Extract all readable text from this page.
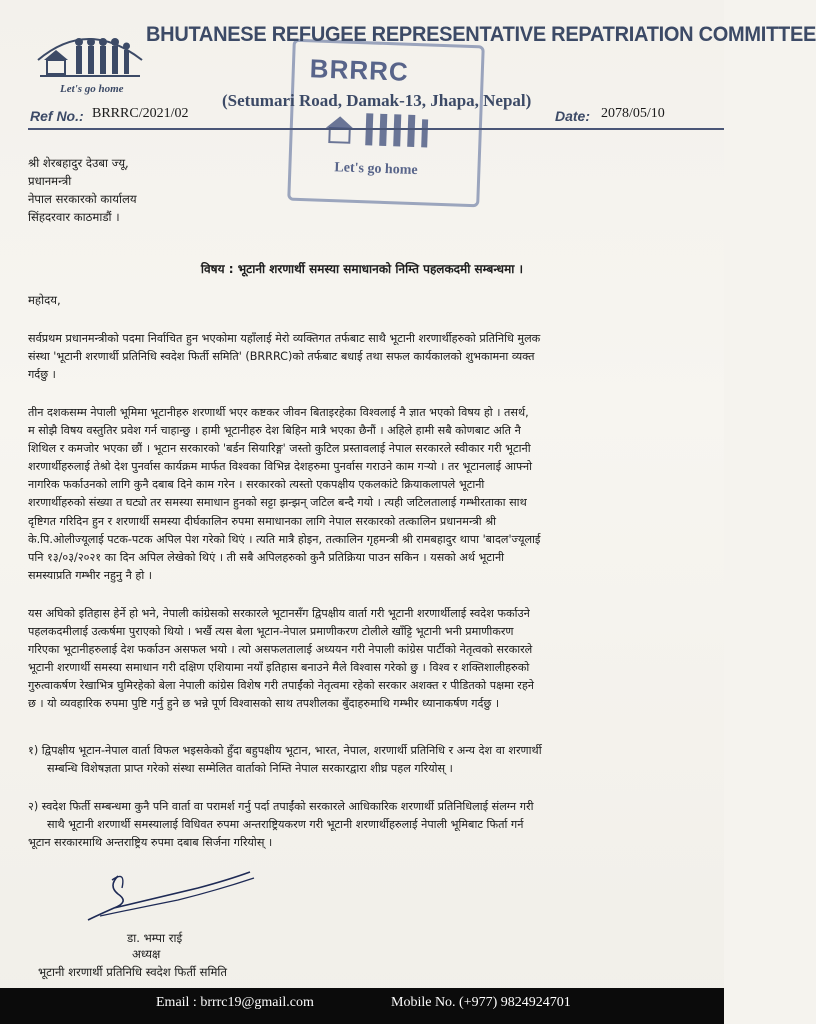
Let's go home
BRRRC
Let's go home
BHUTANESE REFUGEE REPRESENTATIVE REPATRIATION COMMITTEE
(Setumari Road, Damak-13, Jhapa, Nepal)
Ref No.: BRRRC/2021/02	Date: 2078/05/10
श्री शेरबहादुर देउबा ज्यू,
प्रधानमन्त्री
नेपाल सरकारको कार्यालय
सिंहदरवार काठमाडौं ।
विषय : भूटानी शरणार्थी समस्या समाधानको निम्ति पहलकदमी सम्बन्धमा ।
महोदय,
सर्वप्रथम प्रधानमन्त्रीको पदमा निर्वाचित हुन भएकोमा यहाँलाई मेरो व्यक्तिगत तर्फबाट साथै भूटानी शरणार्थीहरुको प्रतिनिधि मुलक
संस्था 'भूटानी शरणार्थी प्रतिनिधि स्वदेश फिर्ती समिति' (BRRRC)को तर्फबाट बधाई तथा सफल कार्यकालको शुभकामना व्यक्त
गर्दछु ।
तीन दशकसम्म नेपाली भूमिमा भूटानीहरु शरणार्थी भएर कष्टकर जीवन बिताइरहेका विश्वलाई नै ज्ञात भएको विषय हो । तसर्थ,
म सोझै विषय वस्तुतिर प्रवेश गर्न चाहान्छु । हामी भूटानीहरु देश बिहिन मात्रै भएका छैनौं । अहिले हामी सबै कोणबाट अति नै
शिथिल र कमजोर भएका छौं । भूटान सरकारको 'बर्डन सियारिङ्ग' जस्तो कुटिल प्रस्तावलाई नेपाल सरकारले स्वीकार गरी भूटानी
शरणार्थीहरुलाई तेश्रो देश पुनर्वास कार्यक्रम मार्फत विश्वका विभिन्न देशहरुमा पुनर्वास गराउने काम गऱ्यो । तर भूटानलाई आफ्नो
नागरिक फर्काउनको लागि कुनै दबाब दिने काम गरेन । सरकारको त्यस्तो एकपक्षीय एकलकांटे क्रियाकलापले भूटानी
शरणार्थीहरुको संख्या त घट्यो तर समस्या समाधान हुनको सट्टा झन्झन् जटिल बन्दै गयो । त्यही जटिलतालाई गम्भीरताका साथ
दृष्टिगत गरिदिन हुन र शरणार्थी समस्या दीर्घकालिन रुपमा समाधानका लागि नेपाल सरकारको तत्कालिन प्रधानमन्त्री श्री
के.पि.ओलीज्यूलाई पटक-पटक अपिल पेश गरेको थिएं । त्यति मात्रै होइन, तत्कालिन गृहमन्त्री श्री रामबहादुर थापा 'बादल'ज्यूलाई
पनि १३/०३/२०२१ का दिन अपिल लेखेको थिएं । ती सबै अपिलहरुको कुनै प्रतिक्रिया पाउन सकिन । यसको अर्थ भूटानी
समस्याप्रति गम्भीर नहुनु नै हो ।
यस अघिको इतिहास हेर्ने हो भने, नेपाली कांग्रेसको सरकारले भूटानसँग द्विपक्षीय वार्ता गरी भूटानी शरणार्थीलाई स्वदेश फर्काउने
पहलकदमीलाई उत्कर्षमा पुराएको थियो । भर्खै त्यस बेला भूटान-नेपाल प्रमाणीकरण टोलीले खाँट्टि भूटानी भनी प्रमाणीकरण
गरिएका भूटानीहरुलाई देश फर्काउन असफल भयो । त्यो असफलतालाई अध्ययन गरी नेपाली कांग्रेस पार्टीको नेतृत्वको सरकारले
भूटानी शरणार्थी समस्या समाधान गरी दक्षिण एशियामा नयाँ इतिहास बनाउने मैले विश्वास गरेको छु । विश्व र शक्तिशालीहरुको
गुरुत्वाकर्षण रेखाभित्र घुमिरहेको बेला नेपाली कांग्रेस विशेष गरी तपाईंको नेतृत्वमा रहेको सरकार अशक्त र पीडितको पक्षमा रहने
छ । यो व्यवहारिक रुपमा पुष्टि गर्नु हुने छ भन्ने पूर्ण विश्वासको साथ तपशीलका बुँदाहरुमाथि गम्भीर ध्यानाकर्षण गर्दछु ।
१) द्विपक्षीय भूटान-नेपाल वार्ता विफल भइसकेको हुँदा बहुपक्षीय भूटान, भारत, नेपाल, शरणार्थी प्रतिनिधि र अन्य देश वा शरणार्थी
सम्बन्धि विशेषज्ञता प्राप्त गरेको संस्था सम्मेलित वार्ताको निम्ति नेपाल सरकारद्वारा शीघ्र पहल गरियोस् ।
२) स्वदेश फिर्ती सम्बन्धमा कुनै पनि वार्ता वा परामर्श गर्नु पर्दा तपाईंको सरकारले आधिकारिक शरणार्थी प्रतिनिधिलाई संलग्न गरी
साथै भूटानी शरणार्थी समस्यालाई विधिवत रुपमा अन्तराष्ट्रियकरण गरी भूटानी शरणार्थीहरुलाई नेपाली भूमिबाट फिर्ता गर्न
भूटान सरकारमाथि अन्तराष्ट्रिय रुपमा दबाब सिर्जना गरियोस् ।
डा. भम्पा राई
अध्यक्ष
भूटानी शरणार्थी प्रतिनिधि स्वदेश फिर्ती समिति
Email : brrrc19@gmail.com	Mobile No. (+977) 9824924701
